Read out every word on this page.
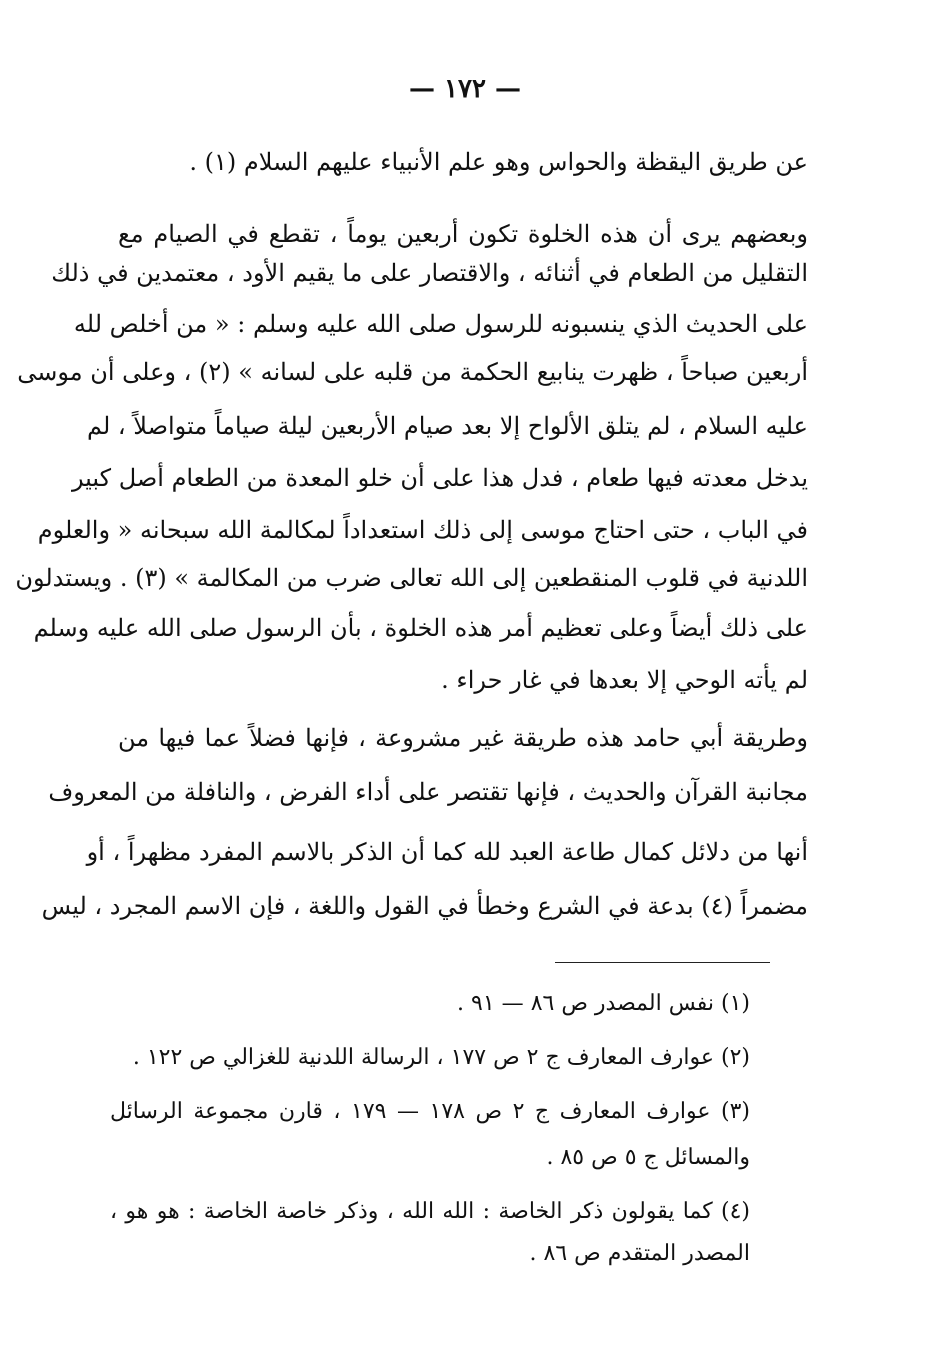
— ١٧٢ —
عن طريق اليقظة والحواس وهو علم الأنبياء عليهم السلام (١) .
وبعضهم يرى أن هذه الخلوة تكون أربعين يوماً ، تقطع في الصيام مع
التقليل من الطعام في أثنائه ، والاقتصار على ما يقيم الأود ، معتمدين في ذلك
على الحديث الذي ينسبونه للرسول صلى الله عليه وسلم : « من أخلص لله
أربعين صباحاً ، ظهرت ينابيع الحكمة من قلبه على لسانه » (٢) ، وعلى أن موسى
عليه السلام ، لم يتلق الألواح إلا بعد صيام الأربعين ليلة صياماً متواصلاً ، لم
يدخل معدته فيها طعام ، فدل هذا على أن خلو المعدة من الطعام أصل كبير
في الباب ، حتى احتاج موسى إلى ذلك استعداداً لمكالمة الله سبحانه « والعلوم
اللدنية في قلوب المنقطعين إلى الله تعالى ضرب من المكالمة » (٣) . ويستدلون
على ذلك أيضاً وعلى تعظيم أمر هذه الخلوة ، بأن الرسول صلى الله عليه وسلم
لم يأته الوحي إلا بعدها في غار حراء .
وطريقة أبي حامد هذه طريقة غير مشروعة ، فإنها فضلاً عما فيها من
مجانبة القرآن والحديث ، فإنها تقتصر على أداء الفرض ، والنافلة من المعروف
أنها من دلائل كمال طاعة العبد لله كما أن الذكر بالاسم المفرد مظهراً ، أو
مضمراً (٤) بدعة في الشرع وخطأ في القول واللغة ، فإن الاسم المجرد ، ليس
(١) نفس المصدر ص ٨٦ — ٩١ .
(٢) عوارف المعارف ج ٢ ص ١٧٧ ، الرسالة اللدنية للغزالي ص ١٢٢ .
(٣) عوارف المعارف ج ٢ ص ١٧٨ — ١٧٩ ، قارن مجموعة الرسائل
والمسائل ج ٥ ص ٨٥ .
(٤) كما يقولون ذكر الخاصة : الله الله ، وذكر خاصة الخاصة : هو هو ،
المصدر المتقدم ص ٨٦ .
